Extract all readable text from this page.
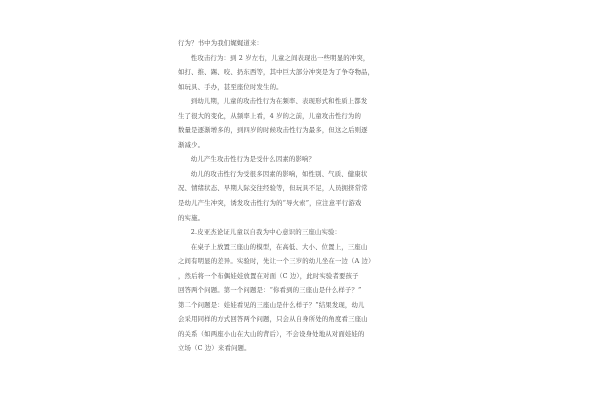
行为？书中为我们娓娓道来：
性攻击行为：到 2 岁左右，儿童之间表现出一些明显的冲突，
如打、推、踢、咬、扔东西等，其中巨大部分冲突是为了争夺物品，
如玩具、手办，甚至座位时发生的。
到幼儿期，儿童的攻击性行为在频率、表现形式和性质上都发
生了很大的变化，从频率上看，4 岁的之前，儿童攻击性行为的
数量是逐渐增多的，到四岁的时候攻击性行为最多，但这之后则逐
渐减少。
幼儿产生攻击性行为是受什么因素的影响？
幼儿的攻击性行为受很多因素的影响，如性别、气质、健康状
况、情绪状态、早期人际交往经验等，但玩具不足，人员拥挤常常
是幼儿产生冲突，诱发攻击性行为的“导火索”，应注意平行游戏
的实施。
2.皮亚杰论证儿童以自我为中心意识的三座山实验：
在桌子上放置三座山的模型，在高低、大小、位置上，三座山
之间有明显的差异。实验时，先让一个三岁的幼儿坐在一边（A 边）
，然后将一个布偶娃娃放置在对面（C 边），此时实验者要孩子
回答两个问题。第一个问题是：“你看到的三座山是什么样子？”
第二个问题是：娃娃看见的三座山是什么样子？”结果发现，幼儿
会采用同样的方式回答两个问题，只会从自身所处的角度看三座山
的关系（如两座小山在大山的背后），不会设身处地从对面娃娃的
立场（C 边）来看问题。
